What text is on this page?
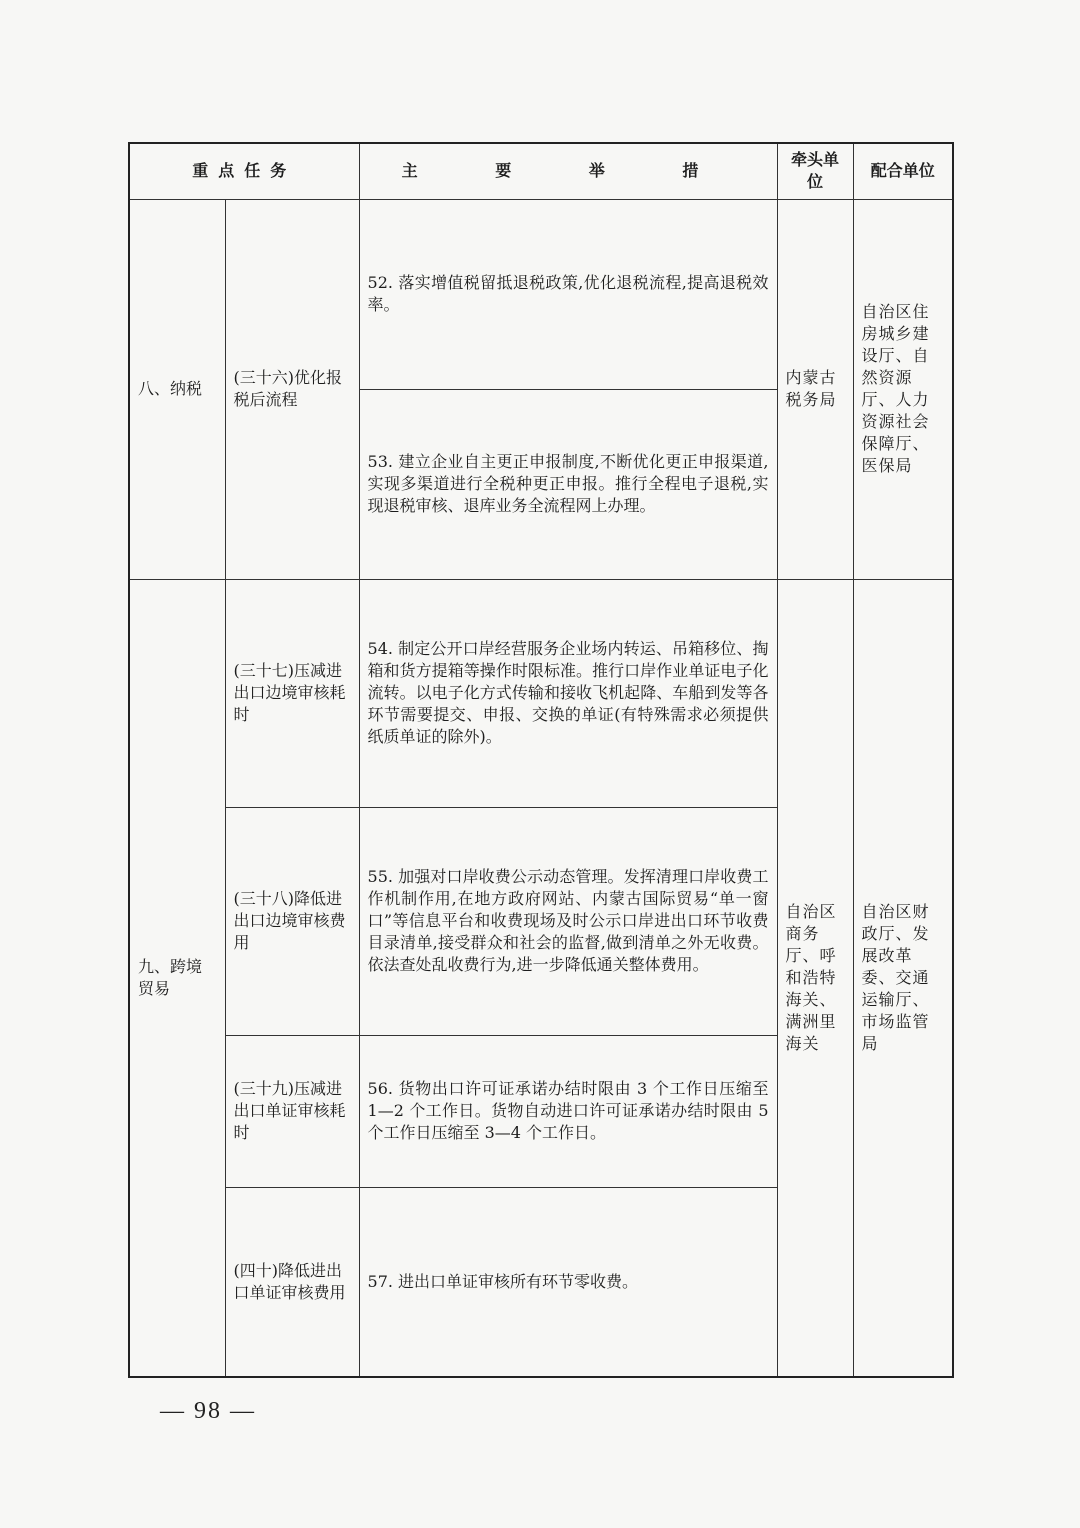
重点任务		主 要 举 措	牵头单位	配合单位
八、纳税	(三十六)优化报税后流程	52. 落实增值税留抵退税政策,优化退税流程,提高退税效率。	内蒙古税务局	自治区住房城乡建设厅、自然资源厅、人力资源社会保障厅、医保局
		53. 建立企业自主更正申报制度,不断优化更正申报渠道,实现多渠道进行全税种更正申报。推行全程电子退税,实现退税审核、退库业务全流程网上办理。		
九、跨境贸易	(三十七)压减进出口边境审核耗时	54. 制定公开口岸经营服务企业场内转运、吊箱移位、掏箱和货方提箱等操作时限标准。推行口岸作业单证电子化流转。以电子化方式传输和接收飞机起降、车船到发等各环节需要提交、申报、交换的单证(有特殊需求必须提供纸质单证的除外)。	自治区商务厅、呼和浩特海关、满洲里海关	自治区财政厅、发展改革委、交通运输厅、市场监管局
	(三十八)降低进出口边境审核费用	55. 加强对口岸收费公示动态管理。发挥清理口岸收费工作机制作用,在地方政府网站、内蒙古国际贸易“单一窗口”等信息平台和收费现场及时公示口岸进出口环节收费目录清单,接受群众和社会的监督,做到清单之外无收费。依法查处乱收费行为,进一步降低通关整体费用。		
	(三十九)压减进出口单证审核耗时	56. 货物出口许可证承诺办结时限由 3 个工作日压缩至 1—2 个工作日。货物自动进口许可证承诺办结时限由 5 个工作日压缩至 3—4 个工作日。		
	(四十)降低进出口单证审核费用	57. 进出口单证审核所有环节零收费。		
— 98 —
